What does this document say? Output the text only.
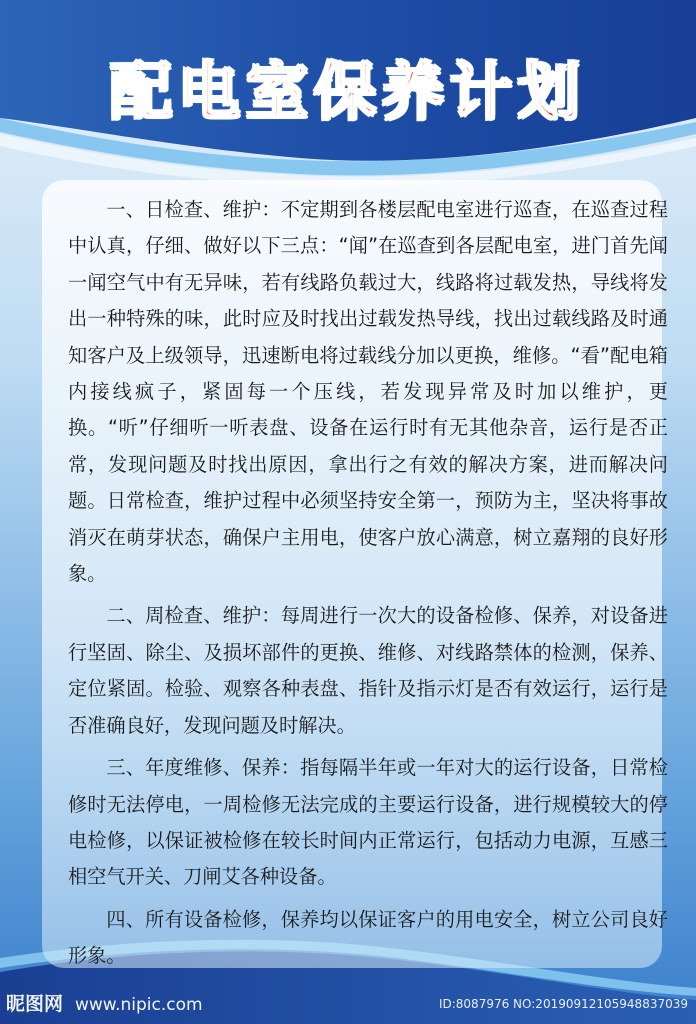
配电室保养计划

一、日检查、维护：不定期到各楼层配电室进行巡查，在巡查过程中认真，仔细、做好以下三点：“闻”在巡查到各层配电室，进门首先闻一闻空气中有无异味，若有线路负载过大，线路将过载发热，导线将发出一种特殊的味，此时应及时找出过载发热导线，找出过载线路及时通知客户及上级领导，迅速断电将过载线分加以更换，维修。“看”配电箱内接线疯子，紧固每一个压线，若发现异常及时加以维护，更换。“听”仔细听一听表盘、设备在运行时有无其他杂音，运行是否正常，发现问题及时找出原因，拿出行之有效的解决方案，进而解决问题。日常检查，维护过程中必须坚持安全第一，预防为主，坚决将事故消灭在萌芽状态，确保户主用电，使客户放心满意，树立嘉翔的良好形象。

二、周检查、维护：每周进行一次大的设备检修、保养，对设备进行坚固、除尘、及损坏部件的更换、维修、对线路禁体的检测，保养、定位紧固。检验、观察各种表盘、指针及指示灯是否有效运行，运行是否准确良好，发现问题及时解决。

三、年度维修、保养：指每隔半年或一年对大的运行设备，日常检修时无法停电，一周检修无法完成的主要运行设备，进行规模较大的停电检修，以保证被检修在较长时间内正常运行，包括动力电源，互感三相空气开关、刀闸艾各种设备。

四、所有设备检修，保养均以保证客户的用电安全，树立公司良好形象。

昵图网 www.nipic.com	ID:8087976 NO:20190912105948837039
